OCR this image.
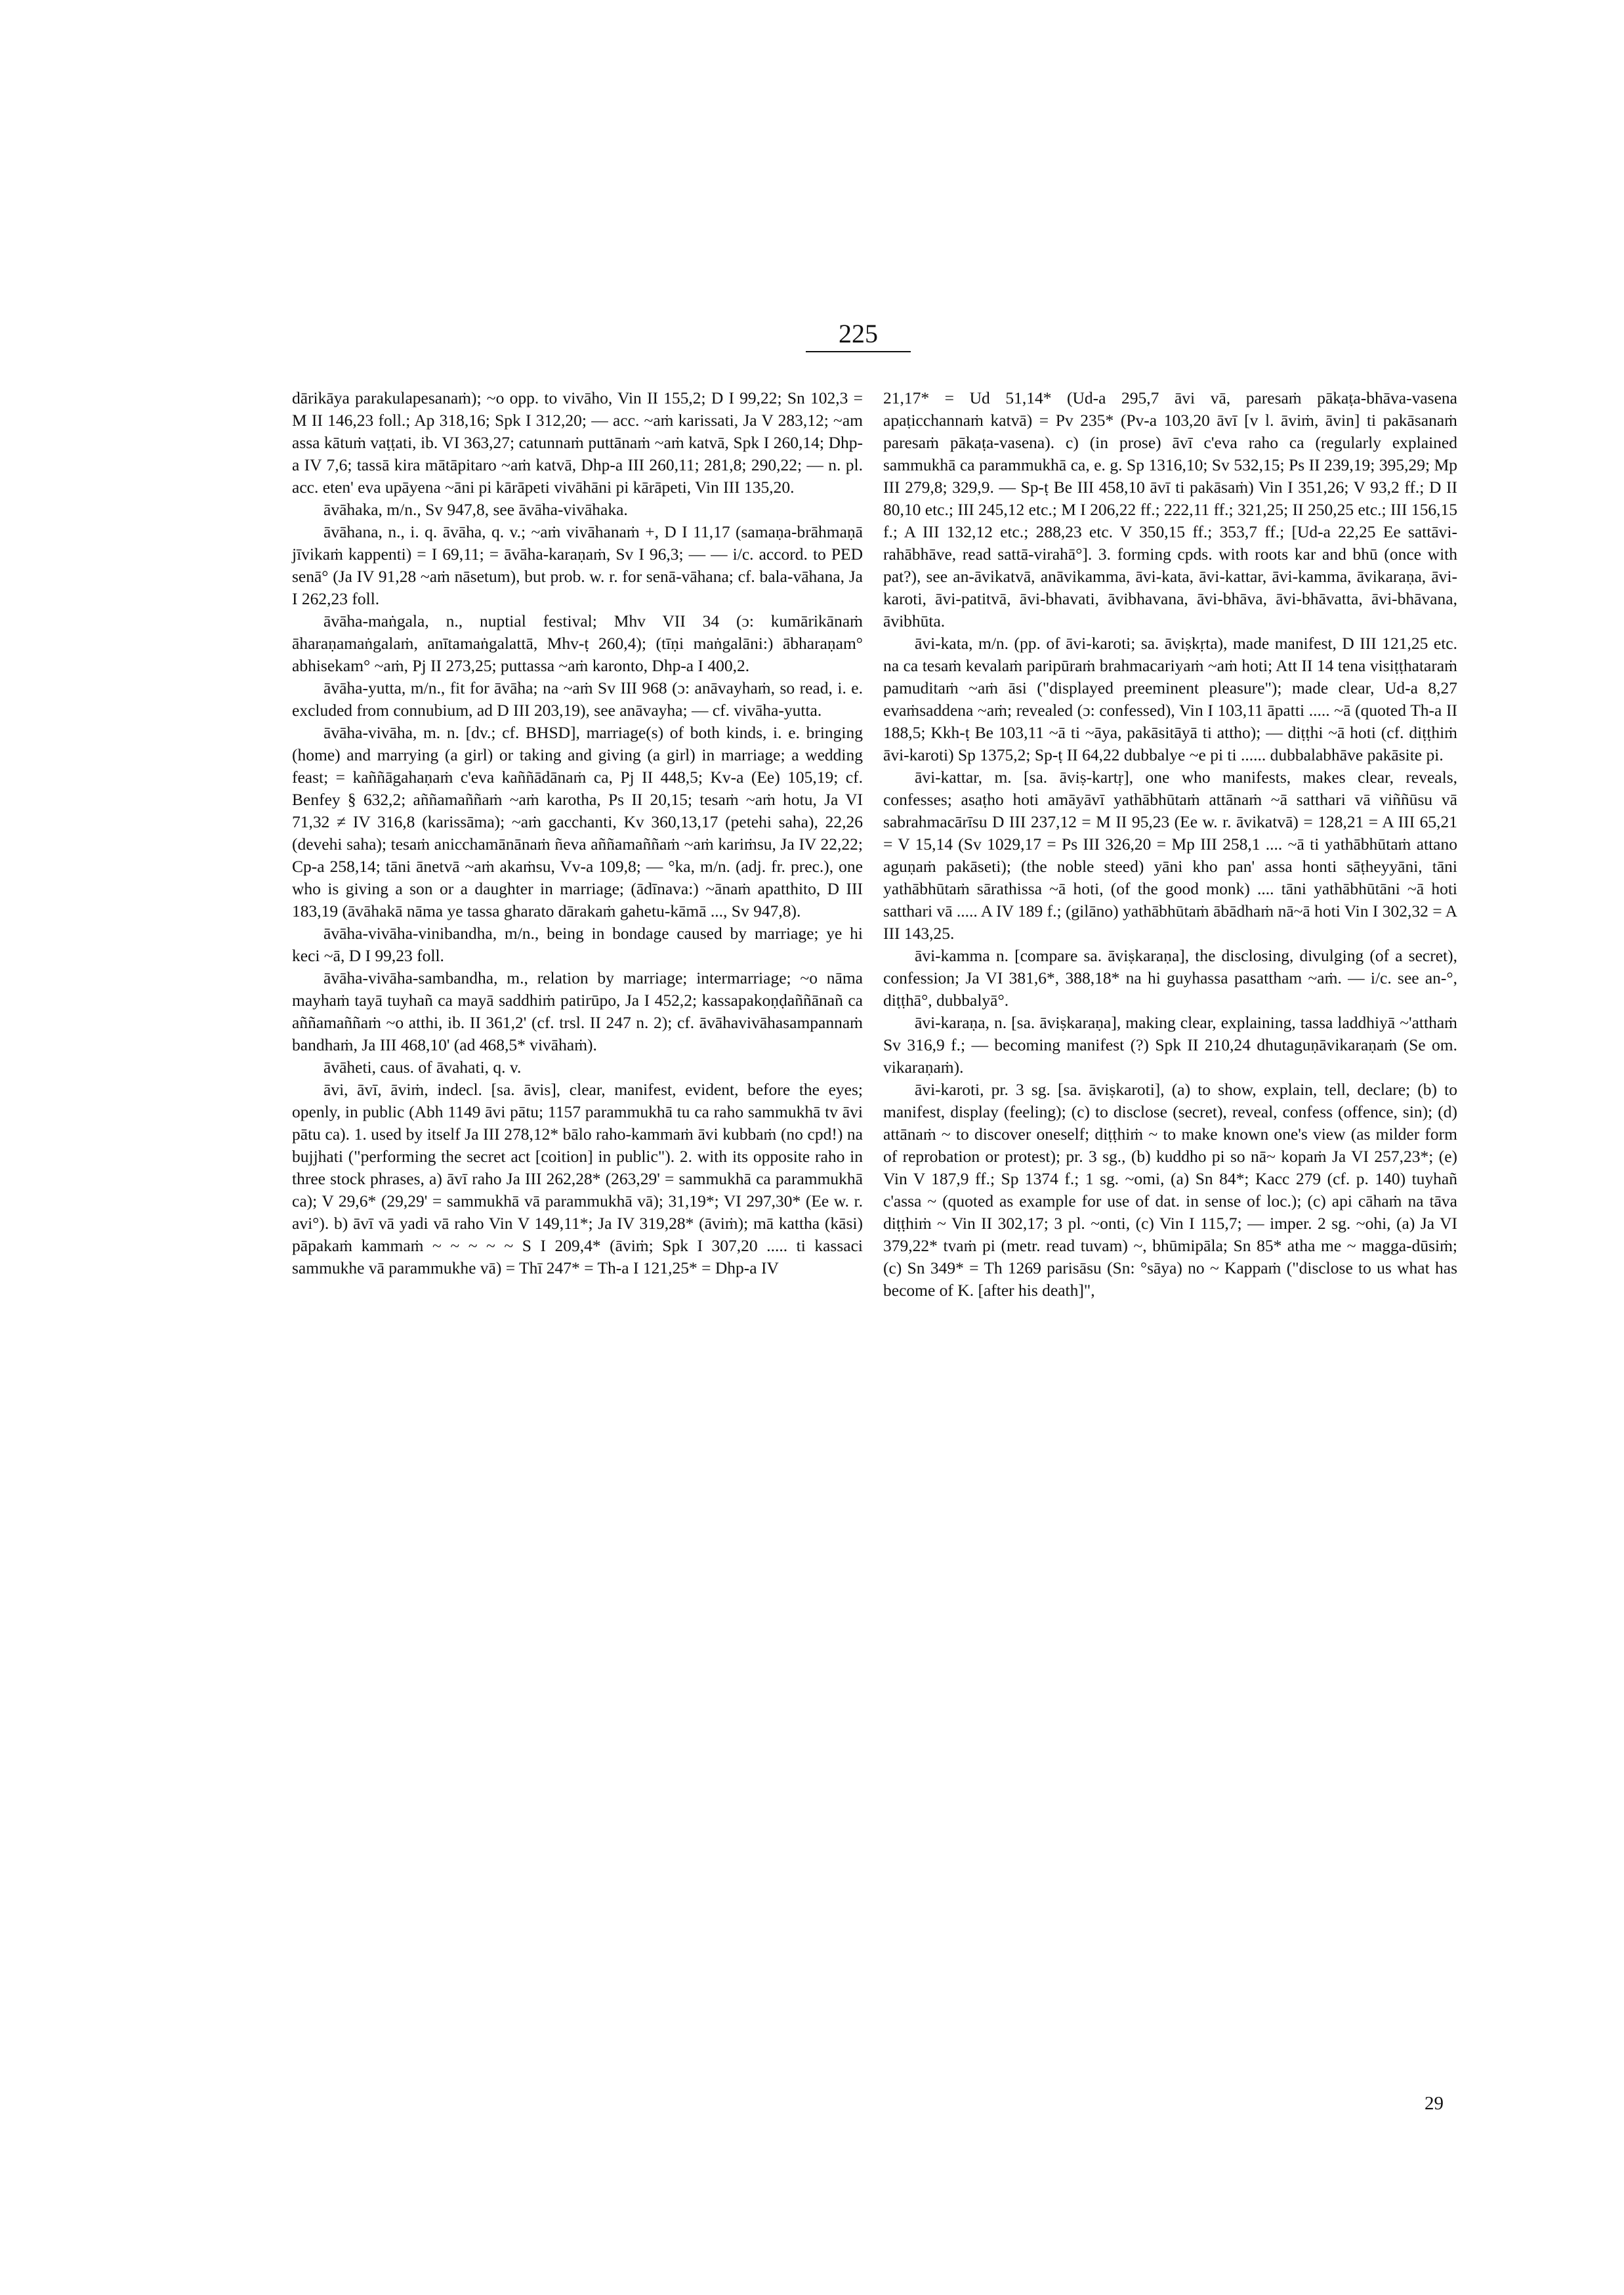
225

dārikāya parakulapesanaṁ); ~o opp. to vivāho, Vin II 155,2; D I 99,22; Sn 102,3 = M II 146,23 foll.; Ap 318,16; Spk I 312,20; — acc. ~aṁ karissati, Ja V 283,12; ~am assa kātuṁ vaṭṭati, ib. VI 363,27; catunnaṁ puttānaṁ ~aṁ katvā, Spk I 260,14; Dhp-a IV 7,6; tassā kira mātāpitaro ~aṁ katvā, Dhp-a III 260,11; 281,8; 290,22; — n. pl. acc. eten' eva upāyena ~āni pi kārāpeti vivāhāni pi kārāpeti, Vin III 135,20.

āvāhaka, m/n., Sv 947,8, see āvāha-vivāhaka.

āvāhana, n., i. q. āvāha, q. v.; ~aṁ vivāhanaṁ +, D I 11,17 (samaṇa-brāhmaṇā jīvikaṁ kappenti) = I 69,11; = āvāha-karaṇaṁ, Sv I 96,3; — — i/c. accord. to PED senā° (Ja IV 91,28 ~aṁ nāsetum), but prob. w. r. for senā-vāhana; cf. bala-vāhana, Ja I 262,23 foll.

āvāha-maṅgala, n., nuptial festival; Mhv VII 34 (ɔ: kumārikānaṁ āharaṇamaṅgalaṁ, anītamaṅgalattā, Mhv-ṭ 260,4); (tīṇi maṅgalāni:) ābharaṇam° abhisekam° ~aṁ, Pj II 273,25; puttassa ~aṁ karonto, Dhp-a I 400,2.

āvāha-yutta, m/n., fit for āvāha; na ~aṁ Sv III 968 (ɔ: anāvayhaṁ, so read, i. e. excluded from connubium, ad D III 203,19), see anāvayha; — cf. vivāha-yutta.

āvāha-vivāha, m. n. [dv.; cf. BHSD], marriage(s) of both kinds, i. e. bringing (home) and marrying (a girl) or taking and giving (a girl) in marriage; a wedding feast; = kaññāgahaṇaṁ c'eva kaññādānaṁ ca, Pj II 448,5; Kv-a (Ee) 105,19; cf. Benfey § 632,2; aññamaññaṁ ~aṁ karotha, Ps II 20,15; tesaṁ ~aṁ hotu, Ja VI 71,32 ≠ IV 316,8 (karissāma); ~aṁ gacchanti, Kv 360,13,17 (petehi saha), 22,26 (devehi saha); tesaṁ anicchamānānaṁ ñeva aññamaññaṁ ~aṁ kariṁsu, Ja IV 22,22; Cp-a 258,14; tāni ānetvā ~aṁ akaṁsu, Vv-a 109,8; — °ka, m/n. (adj. fr. prec.), one who is giving a son or a daughter in marriage; (ādīnava:) ~ānaṁ apatthito, D III 183,19 (āvāhakā nāma ye tassa gharato dārakaṁ gahetu-kāmā ..., Sv 947,8).

āvāha-vivāha-vinibandha, m/n., being in bondage caused by marriage; ye hi keci ~ā, D I 99,23 foll.

āvāha-vivāha-sambandha, m., relation by marriage; intermarriage; ~o nāma mayhaṁ tayā tuyhañ ca mayā saddhiṁ patirūpo, Ja I 452,2; kassapakoṇḍaññānañ ca aññamaññaṁ ~o atthi, ib. II 361,2' (cf. trsl. II 247 n. 2); cf. āvāhavivāhasampannaṁ bandhaṁ, Ja III 468,10' (ad 468,5* vivāhaṁ).

āvāheti, caus. of āvahati, q. v.

āvi, āvī, āviṁ, indecl. [sa. āvis], clear, manifest, evident, before the eyes; openly, in public (Abh 1149 āvi pātu; 1157 parammukhā tu ca raho sammukhā tv āvi pātu ca). 1. used by itself Ja III 278,12* bālo raho-kammaṁ āvi kubbaṁ (no cpd!) na bujjhati ("performing the secret act [coition] in public"). 2. with its opposite raho in three stock phrases, a) āvī raho Ja III 262,28* (263,29' = sammukhā ca parammukhā ca); V 29,6* (29,29' = sammukhā vā parammukhā vā); 31,19*; VI 297,30* (Ee w. r. avi°). b) āvī vā yadi vā raho Vin V 149,11*; Ja IV 319,28* (āviṁ); mā kattha (kāsi) pāpakaṁ kammaṁ ~ ~ ~ ~ ~ S I 209,4* (āviṁ; Spk I 307,20 ..... ti kassaci sammukhe vā parammukhe vā) = Thī 247* = Th-a I 121,25* = Dhp-a IV

21,17* = Ud 51,14* (Ud-a 295,7 āvi vā, paresaṁ pākaṭa-bhāva-vasena apaṭicchannaṁ katvā) = Pv 235* (Pv-a 103,20 āvī [v l. āviṁ, āvin] ti pakāsanaṁ paresaṁ pākaṭa-vasena). c) (in prose) āvī c'eva raho ca (regularly explained sammukhā ca parammukhā ca, e. g. Sp 1316,10; Sv 532,15; Ps II 239,19; 395,29; Mp III 279,8; 329,9. — Sp-ṭ Be III 458,10 āvī ti pakāsaṁ) Vin I 351,26; V 93,2 ff.; D II 80,10 etc.; III 245,12 etc.; M I 206,22 ff.; 222,11 ff.; 321,25; II 250,25 etc.; III 156,15 f.; A III 132,12 etc.; 288,23 etc. V 350,15 ff.; 353,7 ff.; [Ud-a 22,25 Ee sattāvi-rahābhāve, read sattā-virahā°]. 3. forming cpds. with roots kar and bhū (once with pat?), see an-āvikatvā, anāvikamma, āvi-kata, āvi-kattar, āvi-kamma, āvikaraṇa, āvi-karoti, āvi-patitvā, āvi-bhavati, āvibhavana, āvi-bhāva, āvi-bhāvatta, āvi-bhāvana, āvibhūta.

āvi-kata, m/n. (pp. of āvi-karoti; sa. āviṣkṛta), made manifest, D III 121,25 etc. na ca tesaṁ kevalaṁ paripūraṁ brahmacariyaṁ ~aṁ hoti; Att II 14 tena visiṭṭhataraṁ pamuditaṁ ~aṁ āsi ("displayed preeminent pleasure"); made clear, Ud-a 8,27 evaṁsaddena ~aṁ; revealed (ɔ: confessed), Vin I 103,11 āpatti ..... ~ā (quoted Th-a II 188,5; Kkh-ṭ Be 103,11 ~ā ti ~āya, pakāsitāyā ti attho); — diṭṭhi ~ā hoti (cf. diṭṭhiṁ āvi-karoti) Sp 1375,2; Sp-ṭ II 64,22 dubbalye ~e pi ti ...... dubbalabhāve pakāsite pi.

āvi-kattar, m. [sa. āviṣ-kartṛ], one who manifests, makes clear, reveals, confesses; asaṭho hoti amāyāvī yathābhūtaṁ attānaṁ ~ā satthari vā viññūsu vā sabrahmacārīsu D III 237,12 = M II 95,23 (Ee w. r. āvikatvā) = 128,21 = A III 65,21 = V 15,14 (Sv 1029,17 = Ps III 326,20 = Mp III 258,1 .... ~ā ti yathābhūtaṁ attano aguṇaṁ pakāseti); (the noble steed) yāni kho pan' assa honti sāṭheyyāni, tāni yathābhūtaṁ sārathissa ~ā hoti, (of the good monk) .... tāni yathābhūtāni ~ā hoti satthari vā ..... A IV 189 f.; (gilāno) yathābhūtaṁ ābādhaṁ nā~ā hoti Vin I 302,32 = A III 143,25.

āvi-kamma n. [compare sa. āviṣkaraṇa], the disclosing, divulging (of a secret), confession; Ja VI 381,6*, 388,18* na hi guyhassa pasattham ~aṁ. — i/c. see an-°, diṭṭhā°, dubbalyā°.

āvi-karaṇa, n. [sa. āviṣkaraṇa], making clear, explaining, tassa laddhiyā ~'atthaṁ Sv 316,9 f.; — becoming manifest (?) Spk II 210,24 dhutaguṇāvikaraṇaṁ (Se om. vikaraṇaṁ).

āvi-karoti, pr. 3 sg. [sa. āviṣkaroti], (a) to show, explain, tell, declare; (b) to manifest, display (feeling); (c) to disclose (secret), reveal, confess (offence, sin); (d) attānaṁ ~ to discover oneself; diṭṭhiṁ ~ to make known one's view (as milder form of reprobation or protest); pr. 3 sg., (b) kuddho pi so nā~ kopaṁ Ja VI 257,23*; (e) Vin V 187,9 ff.; Sp 1374 f.; 1 sg. ~omi, (a) Sn 84*; Kacc 279 (cf. p. 140) tuyhañ c'assa ~ (quoted as example for use of dat. in sense of loc.); (c) api cāhaṁ na tāva diṭṭhiṁ ~ Vin II 302,17; 3 pl. ~onti, (c) Vin I 115,7; — imper. 2 sg. ~ohi, (a) Ja VI 379,22* tvaṁ pi (metr. read tuvam) ~, bhūmipāla; Sn 85* atha me ~ magga-dūsiṁ; (c) Sn 349* = Th 1269 parisāsu (Sn: °sāya) no ~ Kappaṁ ("disclose to us what has become of K. [after his death]",

29
